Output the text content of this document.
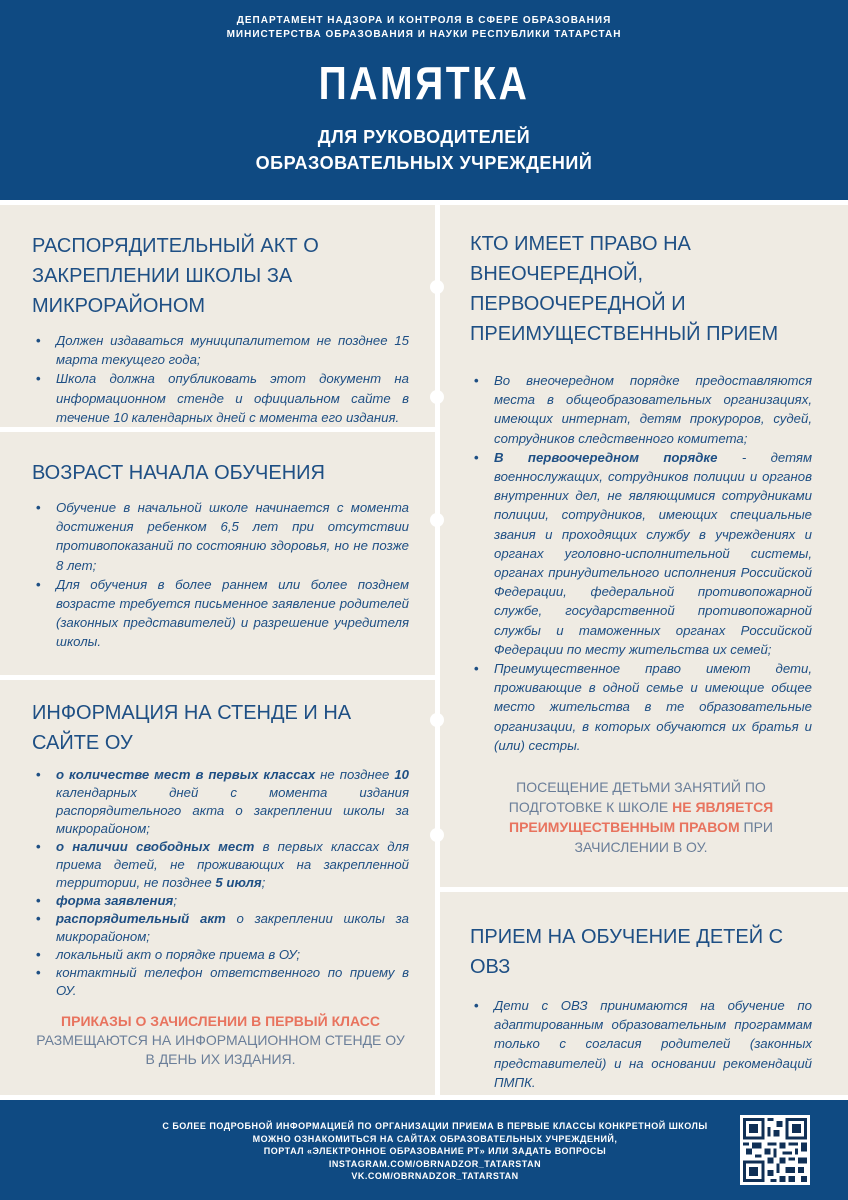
ДЕПАРТАМЕНТ НАДЗОРА И КОНТРОЛЯ В СФЕРЕ ОБРАЗОВАНИЯ
МИНИСТЕРСТВА ОБРАЗОВАНИЯ И НАУКИ РЕСПУБЛИКИ ТАТАРСТАН
ПАМЯТКА
ДЛЯ РУКОВОДИТЕЛЕЙ
ОБРАЗОВАТЕЛЬНЫХ УЧРЕЖДЕНИЙ
РАСПОРЯДИТЕЛЬНЫЙ АКТ О ЗАКРЕПЛЕНИИ ШКОЛЫ ЗА МИКРОРАЙОНОМ
• Должен издаваться муниципалитетом не позднее 15 марта текущего года;
• Школа должна опубликовать этот документ на информационном стенде и официальном сайте в течение 10 календарных дней с момента его издания.
ВОЗРАСТ НАЧАЛА ОБУЧЕНИЯ
• Обучение в начальной школе начинается с момента достижения ребенком 6,5 лет при отсутствии противопоказаний по состоянию здоровья, но не позже 8 лет;
• Для обучения в более раннем или более позднем возрасте требуется письменное заявление родителей (законных представителей) и разрешение учредителя школы.
ИНФОРМАЦИЯ НА СТЕНДЕ И НА САЙТЕ ОУ
• о количестве мест в первых классах не позднее 10 календарных дней с момента издания распорядительного акта о закреплении школы за микрорайоном;
• о наличии свободных мест в первых классах для приема детей, не проживающих на закрепленной территории, не позднее 5 июля;
• форма заявления;
• распорядительный акт о закреплении школы за микрорайоном;
• локальный акт о порядке приема в ОУ;
• контактный телефон ответственного по приему в ОУ.
ПРИКАЗЫ О ЗАЧИСЛЕНИИ В ПЕРВЫЙ КЛАСС
РАЗМЕЩАЮТСЯ НА ИНФОРМАЦИОННОМ СТЕНДЕ ОУ В ДЕНЬ ИХ ИЗДАНИЯ.
КТО ИМЕЕТ ПРАВО НА ВНЕОЧЕРЕДНОЙ, ПЕРВООЧЕРЕДНОЙ И ПРЕИМУЩЕСТВЕННЫЙ ПРИЕМ
• Во внеочередном порядке предоставляются места в общеобразовательных организациях, имеющих интернат, детям прокуроров, судей, сотрудников следственного комитета;
• В первоочередном порядке - детям военнослужащих, сотрудников полиции и органов внутренних дел, не являющимися сотрудниками полиции, сотрудников, имеющих специальные звания и проходящих службу в учреждениях и органах уголовно-исполнительной системы, органах принудительного исполнения Российской Федерации, федеральной противопожарной службе, государственной противопожарной службы и таможенных органах Российской Федерации по месту жительства их семей;
• Преимущественное право имеют дети, проживающие в одной семье и имеющие общее место жительства в те образовательные организации, в которых обучаются их братья и (или) сестры.
ПОСЕЩЕНИЕ ДЕТЬМИ ЗАНЯТИЙ ПО ПОДГОТОВКЕ К ШКОЛЕ НЕ ЯВЛЯЕТСЯ ПРЕИМУЩЕСТВЕННЫМ ПРАВОМ ПРИ ЗАЧИСЛЕНИИ В ОУ.
ПРИЕМ НА ОБУЧЕНИЕ ДЕТЕЙ С ОВЗ
• Дети с ОВЗ принимаются на обучение по адаптированным образовательным программам только с согласия родителей (законных представителей) и на основании рекомендаций ПМПК.
С БОЛЕЕ ПОДРОБНОЙ ИНФОРМАЦИЕЙ ПО ОРГАНИЗАЦИИ ПРИЕМА В ПЕРВЫЕ КЛАССЫ КОНКРЕТНОЙ ШКОЛЫ
МОЖНО ОЗНАКОМИТЬСЯ НА САЙТАХ ОБРАЗОВАТЕЛЬНЫХ УЧРЕЖДЕНИЙ,
ПОРТАЛ «ЭЛЕКТРОННОЕ ОБРАЗОВАНИЕ РТ» ИЛИ ЗАДАТЬ ВОПРОСЫ
INSTAGRAM.COM/OBRNADZOR_TATARSTAN
VK.COM/OBRNADZOR_TATARSTAN
